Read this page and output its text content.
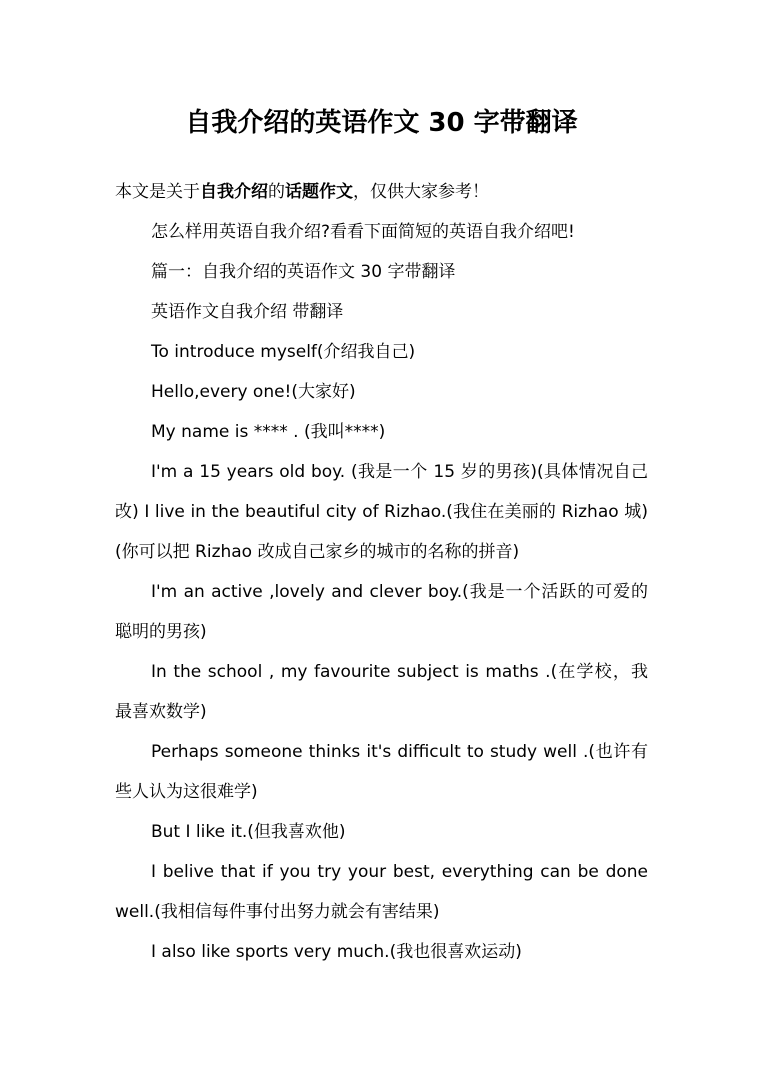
自我介绍的英语作文 30 字带翻译

本文是关于自我介绍的话题作文，仅供大家参考！

怎么样用英语自我介绍?看看下面简短的英语自我介绍吧!

篇一：自我介绍的英语作文 30 字带翻译

英语作文自我介绍 带翻译

To introduce myself(介绍我自己)

Hello,every one!(大家好)

My name is **** . (我叫****)

I'm a 15 years old boy. (我是一个 15 岁的男孩)(具体情况自己改) I live in the beautiful city of Rizhao.(我住在美丽的 Rizhao 城)(你可以把 Rizhao 改成自己家乡的城市的名称的拼音)

I'm an active ,lovely and clever boy.(我是一个活跃的可爱的聪明的男孩)

In the school , my favourite subject is maths .(在学校，我最喜欢数学)

Perhaps someone thinks it's difficult to study well .(也许有些人认为这很难学)

But I like it.(但我喜欢他)

I belive that if you try your best, everything can be done well.(我相信每件事付出努力就会有害结果)

I also like sports very much.(我也很喜欢运动)
